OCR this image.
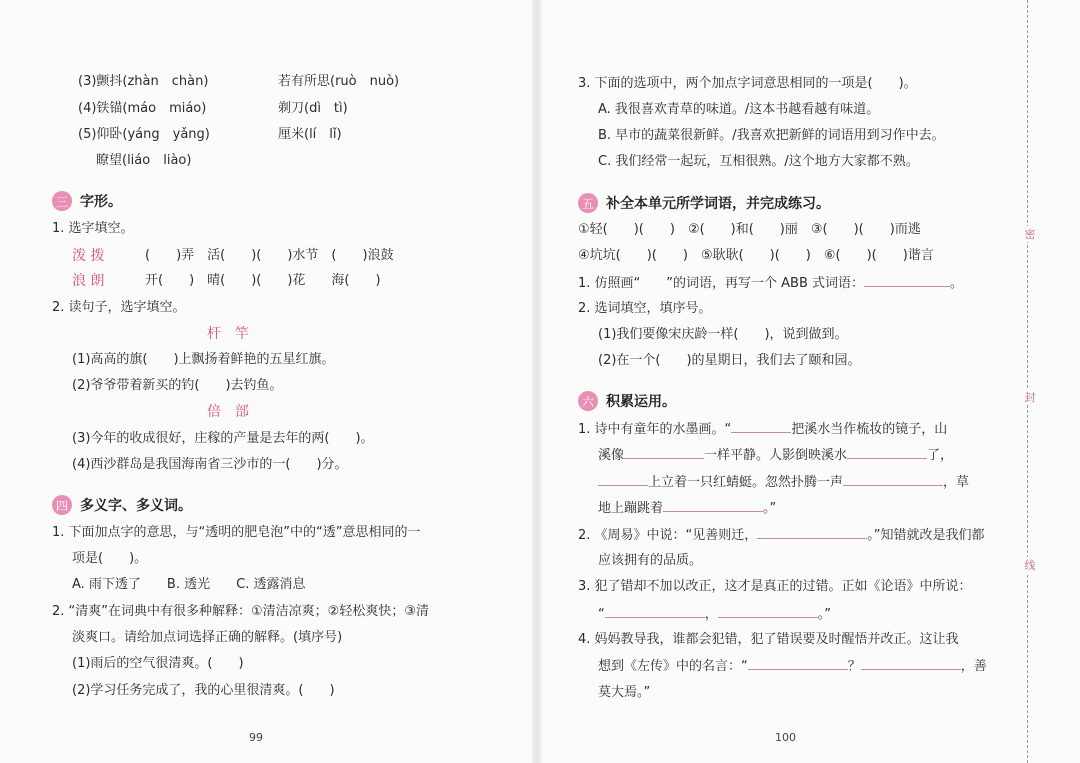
(3)颤抖(zhàn　chàn)	若有所思(ruò　nuò)
(4)铁锚(máo　miáo)	剃刀(dì　tì)
(5)仰卧(yáng　yǎng)	厘米(lí　lǐ)
瞭望(liáo　liào)
三 字形。
1. 选字填空。
泼 拨	(　　)弄　活(　　)(　　)水节　(　　)浪鼓
浪 朗	开(　　)　晴(　　)(　　)花　　海(　　)
2. 读句子，选字填空。
杆　竿
(1)高高的旗(　　)上飘扬着鲜艳的五星红旗。
(2)爷爷带着新买的钓(　　)去钓鱼。
倍　部
(3)今年的收成很好，庄稼的产量是去年的两(　　)。
(4)西沙群岛是我国海南省三沙市的一(　　)分。
四 多义字、多义词。
1. 下面加点字的意思，与“透明的肥皂泡”中的“透”意思相同的一
项是(　　)。
A. 雨下透了　　B. 透光　　C. 透露消息
2. “清爽”在词典中有很多种解释：①清洁凉爽；②轻松爽快；③清
淡爽口。请给加点词选择正确的解释。(填序号)
(1)雨后的空气很清爽。(　　)
(2)学习任务完成了，我的心里很清爽。(　　)
99
3. 下面的选项中，两个加点字词意思相同的一项是(　　)。
A. 我很喜欢青草的味道。/这本书越看越有味道。
B. 早市的蔬菜很新鲜。/我喜欢把新鲜的词语用到习作中去。
C. 我们经常一起玩，互相很熟。/这个地方大家都不熟。
五 补全本单元所学词语，并完成练习。
①轻(　　)(　　)　②(　　)和(　　)丽　③(　　)(　　)而逃
④坑坑(　　)(　　)　⑤耿耿(　　)(　　)　⑥(　　)(　　)谐言
1. 仿照画“　　”的词语，再写一个 ABB 式词语：	。
2. 选词填空，填序号。
(1)我们要像宋庆龄一样(　　)，说到做到。
(2)在一个(　　)的星期日，我们去了颐和园。
六 积累运用。
1. 诗中有童年的水墨画。“	把溪水当作梳妆的镜子，山
溪像	一样平静。人影倒映溪水	了，
上立着一只红蜻蜓。忽然扑腾一声	，草
地上蹦跳着	。”
2. 《周易》中说：“见善则迁，	。”知错就改是我们都
应该拥有的品质。
3. 犯了错却不加以改正，这才是真正的过错。正如《论语》中所说：
“	，	。”
4. 妈妈教导我，谁都会犯错，犯了错误要及时醒悟并改正。这让我
想到《左传》中的名言：“	？	，善
莫大焉。”
100
密
封
线
